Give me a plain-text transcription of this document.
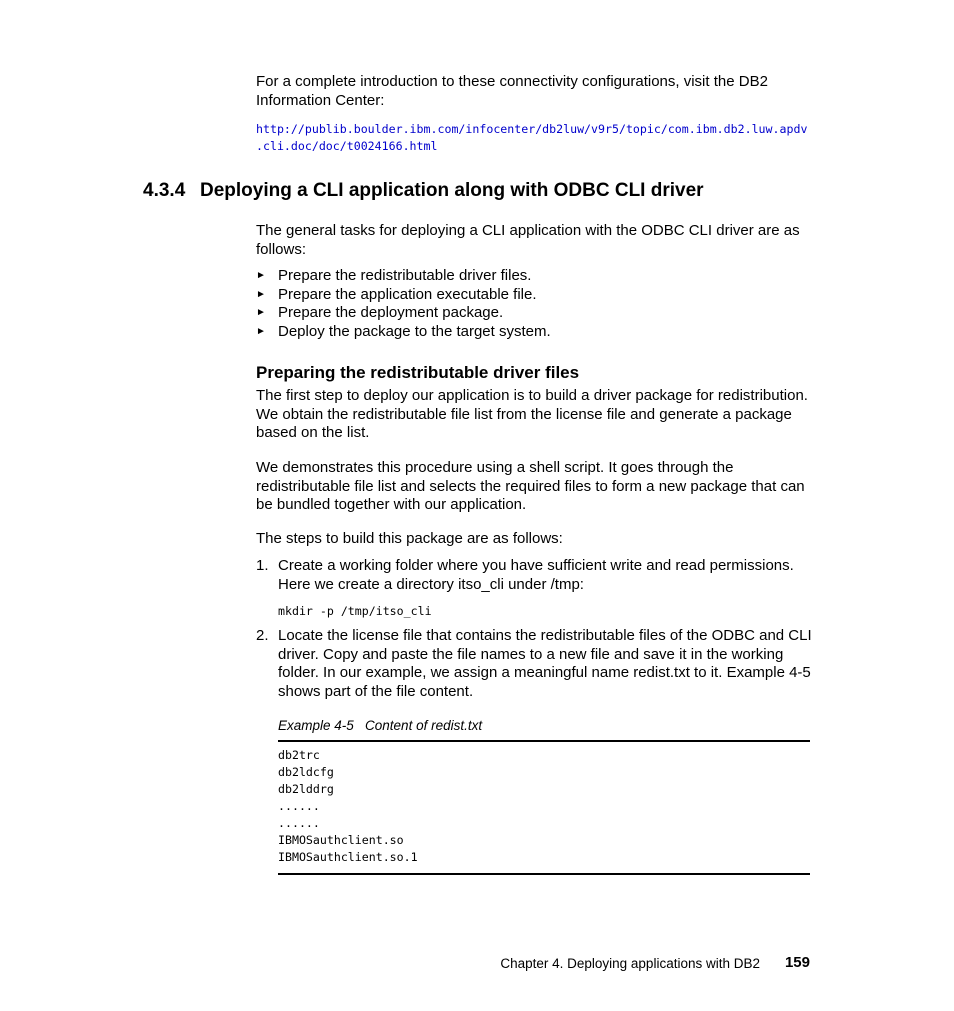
For a complete introduction to these connectivity configurations, visit the DB2 Information Center:
http://publib.boulder.ibm.com/infocenter/db2luw/v9r5/topic/com.ibm.db2.luw.apdv
.cli.doc/doc/t0024166.html
4.3.4 Deploying a CLI application along with ODBC CLI driver
The general tasks for deploying a CLI application with the ODBC CLI driver are as follows:
► Prepare the redistributable driver files.
► Prepare the application executable file.
► Prepare the deployment package.
► Deploy the package to the target system.
Preparing the redistributable driver files
The first step to deploy our application is to build a driver package for redistribution. We obtain the redistributable file list from the license file and generate a package based on the list.
We demonstrates this procedure using a shell script. It goes through the redistributable file list and selects the required files to form a new package that can be bundled together with our application.
The steps to build this package are as follows:
1. Create a working folder where you have sufficient write and read permissions. Here we create a directory itso_cli under /tmp:
mkdir -p /tmp/itso_cli
2. Locate the license file that contains the redistributable files of the ODBC and CLI driver. Copy and paste the file names to a new file and save it in the working folder. In our example, we assign a meaningful name redist.txt to it. Example 4-5 shows part of the file content.
Example 4-5   Content of redist.txt
db2trc
db2ldcfg
db2lddrg
......
......
IBMOSauthclient.so
IBMOSauthclient.so.1
Chapter 4. Deploying applications with DB2 159
